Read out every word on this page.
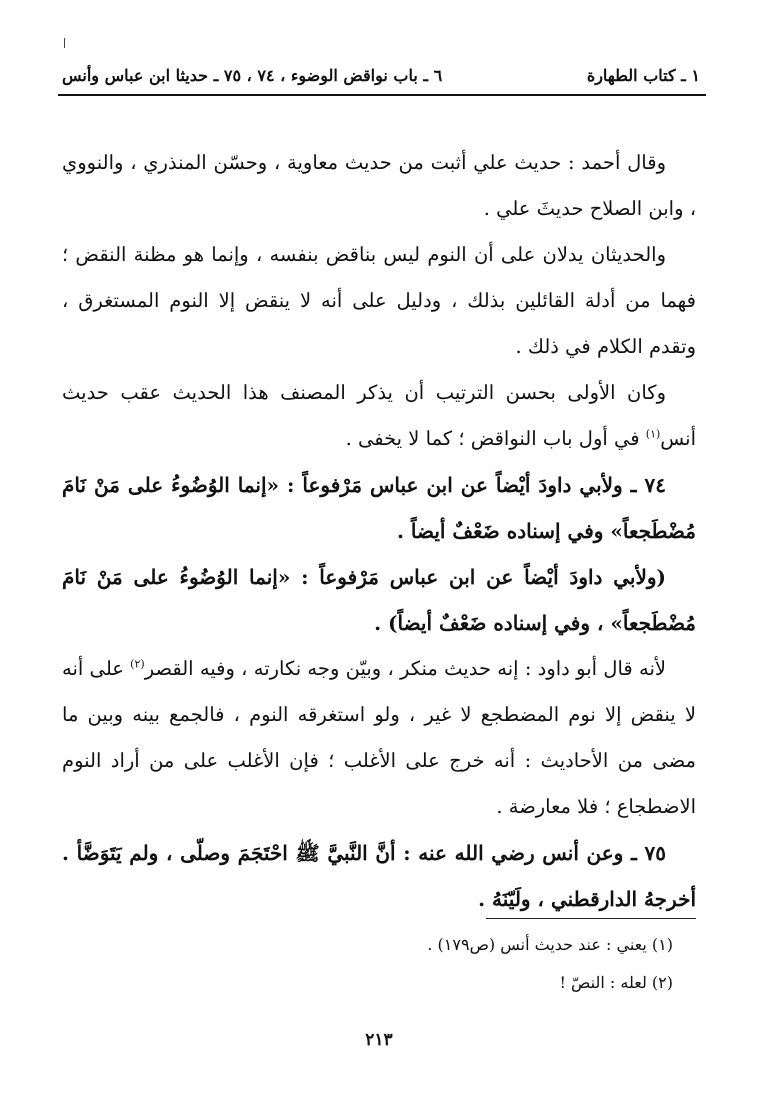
١ ـ كتاب الطهارة
٦ ـ باب نواقض الوضوء ، ٧٤ ، ٧٥ ـ حديثا ابن عباس وأنس

وقال أحمد : حديث علي أثبت من حديث معاوية ، وحسّن المنذري ، والنووي ، وابن الصلاح حديثَ علي .

والحديثان يدلان على أن النوم ليس بناقض بنفسه ، وإنما هو مظنة النقض ؛ فهما من أدلة القائلين بذلك ، ودليل على أنه لا ينقض إلا النوم المستغرق ، وتقدم الكلام في ذلك .

وكان الأولى بحسن الترتيب أن يذكر المصنف هذا الحديث عقب حديث أنس$^{(١)}$ في أول باب النواقض ؛ كما لا يخفى .

٧٤ ـ ولأبي داودَ أيْضاً عن ابن عباس مَرْفوعاً : «إنما الوُضُوءُ على مَنْ نَامَ مُضْطَجعاً» وفي إسناده ضَعْفٌ أيضاً .

(ولأبي داودَ أيْضاً عن ابن عباس مَرْفوعاً : «إنما الوُضُوءُ على مَنْ نَامَ مُضْطَجعاً» ، وفي إسناده ضَعْفٌ أيضاً) .

لأنه قال أبو داود : إنه حديث منكر ، وبيّن وجه نكارته ، وفيه القصر$^{(٢)}$ على أنه لا ينقض إلا نوم المضطجع لا غير ، ولو استغرقه النوم ، فالجمع بينه وبين ما مضى من الأحاديث : أنه خرج على الأغلب ؛ فإن الأغلب على من أراد النوم الاضطجاع ؛ فلا معارضة .

٧٥ ـ وعن أنس رضي الله عنه : أنَّ النَّبيَّ ﷺ احْتَجَمَ وصلّى ، ولم يَتَوَضَّأ . أخرجهُ الدارقطني ، ولَيّنَهُ .

(١) يعني : عند حديث أنس (ص١٧٩) .

(٢) لعله : النصّ !

٢١٣
